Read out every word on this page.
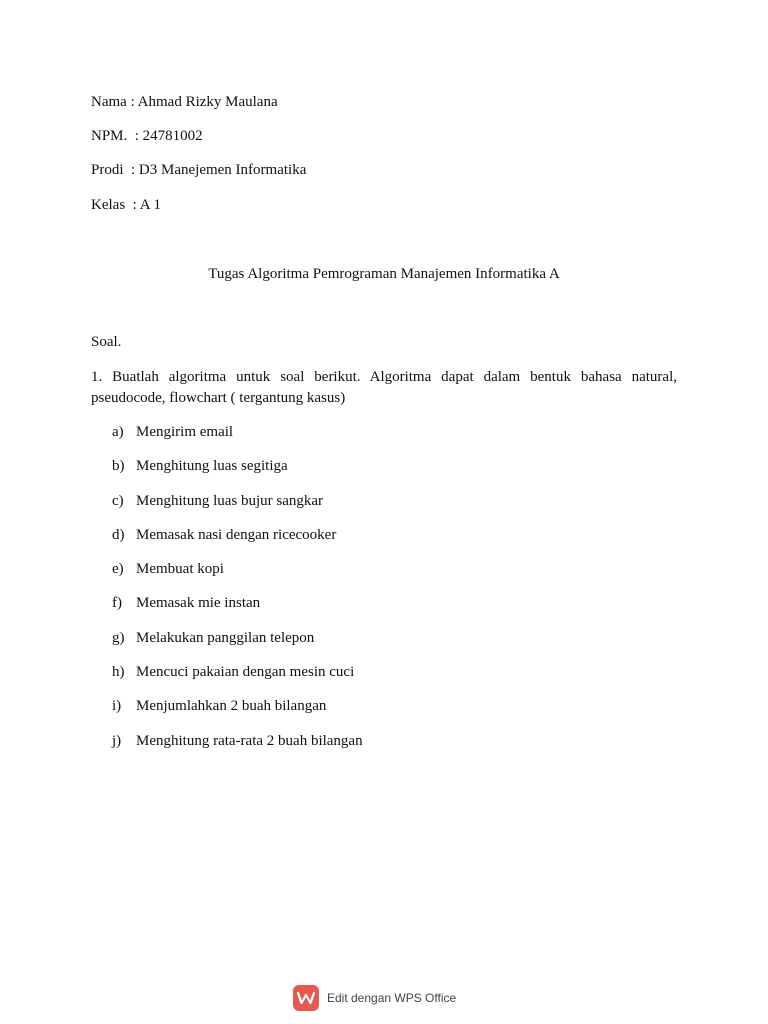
Nama : Ahmad Rizky Maulana
NPM.  : 24781002
Prodi  : D3 Manejemen Informatika
Kelas  : A 1
Tugas Algoritma Pemrograman Manajemen Informatika A
Soal.
1. Buatlah algoritma untuk soal berikut. Algoritma dapat dalam bentuk bahasa natural, pseudocode, flowchart ( tergantung kasus)
a) Mengirim email
b) Menghitung luas segitiga
c) Menghitung luas bujur sangkar
d) Memasak nasi dengan ricecooker
e) Membuat kopi
f) Memasak mie instan
g) Melakukan panggilan telepon
h) Mencuci pakaian dengan mesin cuci
i) Menjumlahkan 2 buah bilangan
j) Menghitung rata-rata 2 buah bilangan
Edit dengan WPS Office
